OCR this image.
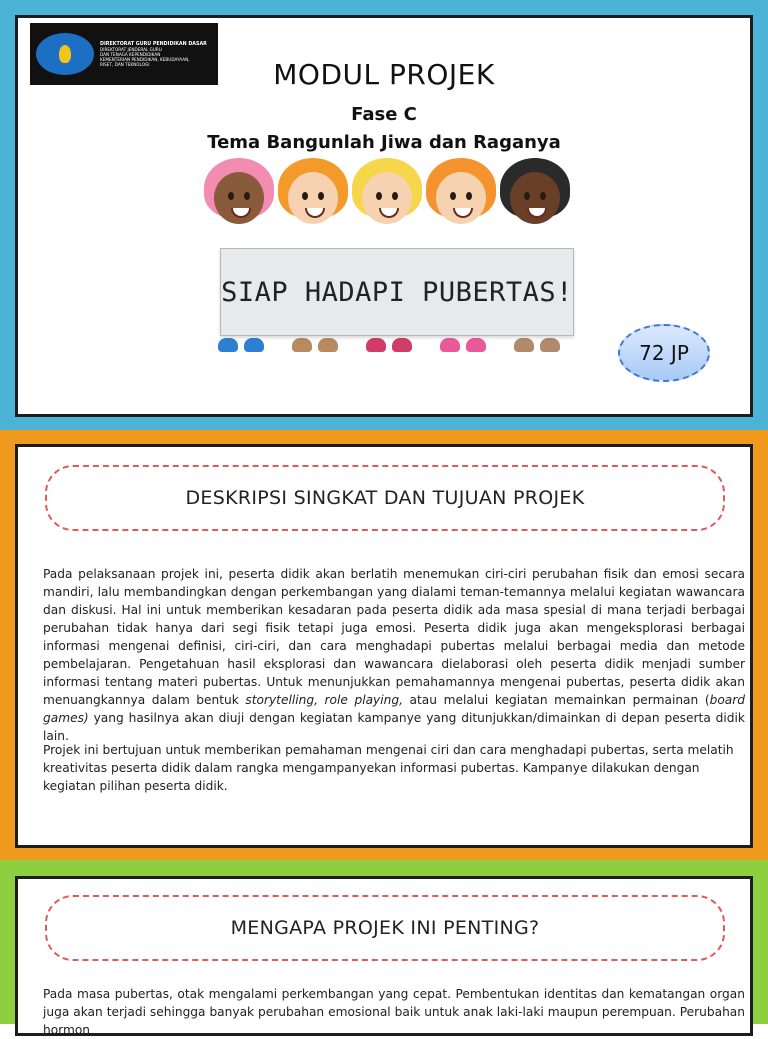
DIREKTORAT GURU PENDIDIKAN DASAR
DIREKTORAT JENDERAL GURU
DAN TENAGA KEPENDIDIKAN
KEMENTERIAN PENDIDIKAN, KEBUDAYAAN,
RISET, DAN TEKNOLOGI	MODUL PROJEK
Fase C
Tema Bangunlah Jiwa dan Raganya
SIAP HADAPI PUBERTAS!
72 JP
DESKRIPSI SINGKAT DAN TUJUAN PROJEK

Pada pelaksanaan projek ini, peserta didik akan berlatih menemukan ciri-ciri perubahan fisik dan emosi secara mandiri, lalu membandingkan dengan perkembangan yang dialami teman-temannya melalui kegiatan wawancara dan diskusi. Hal ini untuk memberikan kesadaran pada peserta didik ada masa spesial di mana terjadi berbagai perubahan tidak hanya dari segi fisik tetapi juga emosi. Peserta didik juga akan mengeksplorasi berbagai informasi mengenai definisi, ciri-ciri, dan cara menghadapi pubertas melalui berbagai media dan metode pembelajaran. Pengetahuan hasil eksplorasi dan wawancara dielaborasi oleh peserta didik menjadi sumber informasi tentang materi pubertas. Untuk menunjukkan pemahamannya mengenai pubertas, peserta didik akan menuangkannya dalam bentuk storytelling, role playing, atau melalui kegiatan memainkan permainan (board games) yang hasilnya akan diuji dengan kegiatan kampanye yang ditunjukkan/dimainkan di depan peserta didik lain.

Projek ini bertujuan untuk memberikan pemahaman mengenai ciri dan cara menghadapi pubertas, serta melatih kreativitas peserta didik dalam rangka mengampanyekan informasi pubertas. Kampanye dilakukan dengan kegiatan pilihan peserta didik.

MENGAPA PROJEK INI PENTING?

Pada masa pubertas, otak mengalami perkembangan yang cepat. Pembentukan identitas dan kematangan organ juga akan terjadi sehingga banyak perubahan emosional baik untuk anak laki-laki maupun perempuan. Perubahan hormon
